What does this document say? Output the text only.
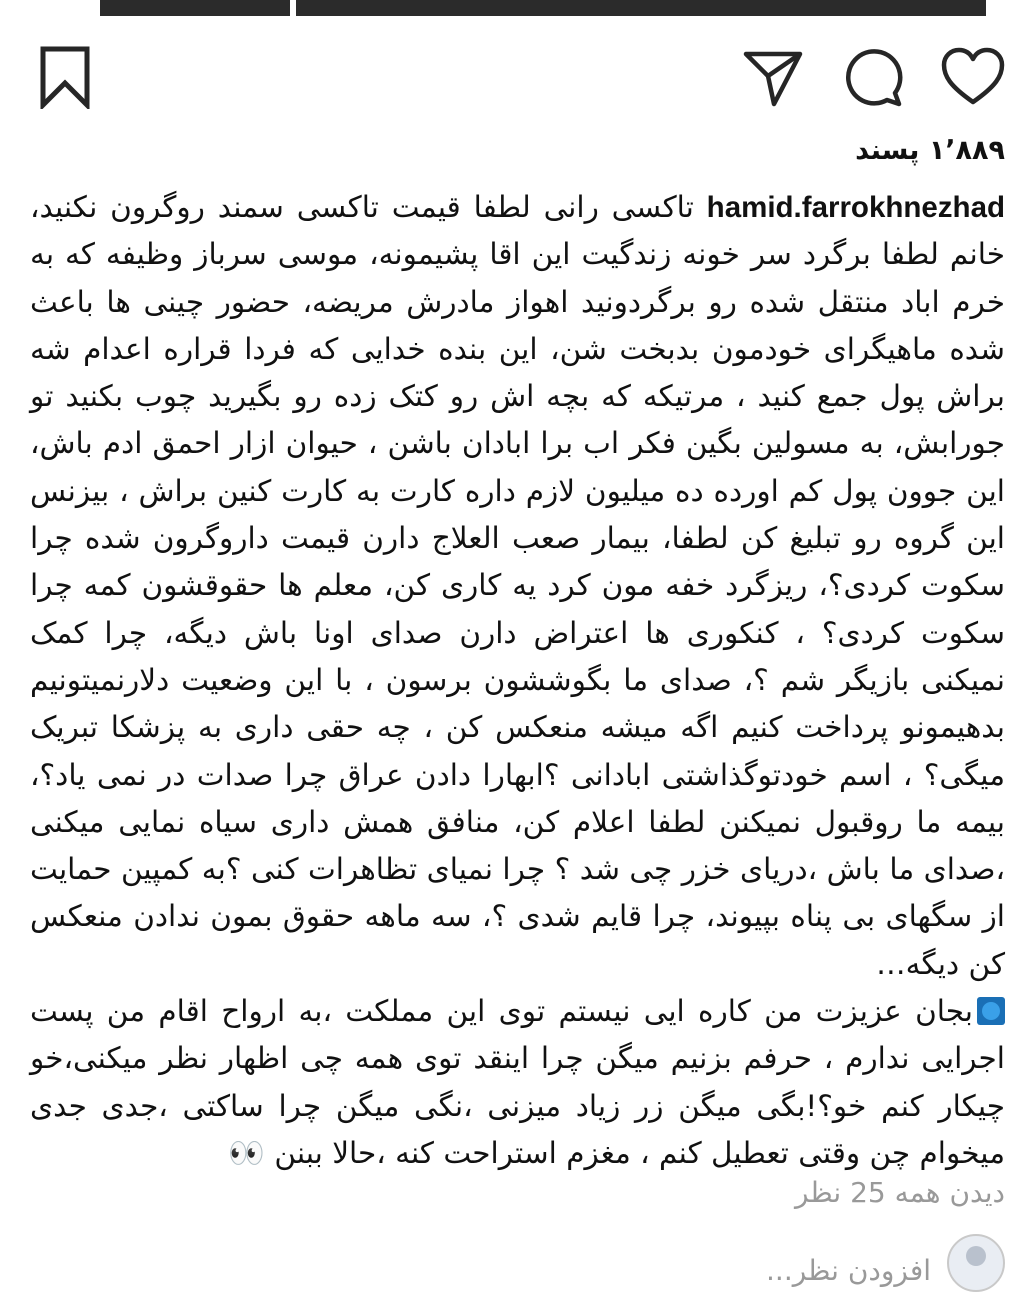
۱٬۸۸۹ پسند

hamid.farrokhnezhad تاکسی رانی لطفا قیمت تاکسی سمند روگرون نکنید، خانم لطفا برگرد سر خونه زندگیت این اقا پشیمونه، موسی سرباز وظیفه که به خرم اباد منتقل شده رو برگردونید اهواز مادرش مریضه، حضور چینی ها باعث شده ماهیگرای خودمون بدبخت شن، این بنده خدایی که فردا قراره اعدام شه براش پول جمع کنید ، مرتیکه که بچه اش رو کتک زده رو بگیرید چوب بکنید تو جورابش، به مسولین بگین فکر اب برا ابادان باشن ، حیوان ازار احمق ادم باش، این جوون پول کم اورده ده میلیون لازم داره کارت به کارت کنین براش ، بیزنس این گروه رو تبلیغ کن لطفا، بیمار صعب العلاج دارن قیمت داروگرون شده چرا سکوت کردی؟، ریزگرد خفه مون کرد یه کاری کن، معلم ها حقوقشون کمه چرا سکوت کردی؟ ، کنکوری ها اعتراض دارن صدای اونا باش دیگه، چرا کمک نمیکنی بازیگر شم ؟، صدای ما بگوششون برسون ، با این وضعیت دلارنمیتونیم بدهیمونو پرداخت کنیم اگه میشه منعکس کن ، چه حقی داری به پزشکا تبریک میگی؟ ، اسم خودتوگذاشتی ابادانی ؟ابهارا دادن عراق چرا صدات در نمی یاد؟، بیمه ما روقبول نمیکنن لطفا اعلام کن، منافق همش داری سیاه نمایی میکنی ،صدای ما باش ،دریای خزر چی شد ؟ چرا نمیای تظاهرات کنی ؟به کمپین حمایت از سگهای بی پناه بپیوند، چرا قایم شدی ؟، سه ماهه حقوق بمون ندادن منعکس کن دیگه…
بجان عزیزت من کاره ایی نیستم توی این مملکت ،به ارواح اقام من پست اجرایی ندارم ، حرفم بزنیم میگن چرا اینقد توی همه چی اظهار نظر میکنی،خو چیکار کنم خو؟!بگی میگن زر زیاد میزنی ،نگی میگن چرا ساکتی ،جدی جدی میخوام چن وقتی تعطیل کنم ، مغزم استراحت کنه ،حالا ببنن 👀

دیدن همه 25 نظر
افزودن نظر...
